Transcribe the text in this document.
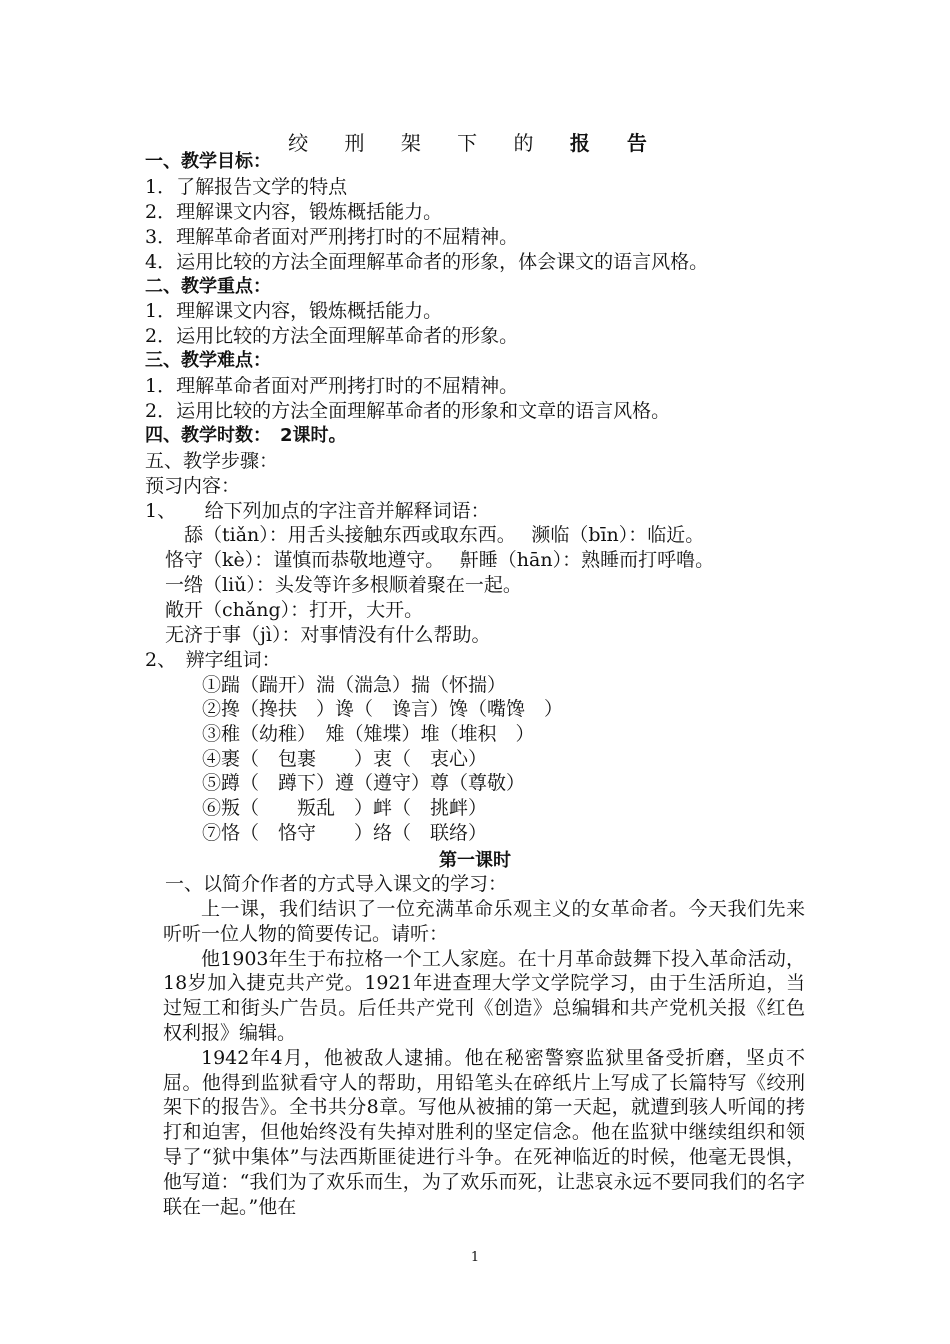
绞 刑 架 下 的 报 告
一、教学目标：
1．了解报告文学的特点
2．理解课文内容，锻炼概括能力。
3．理解革命者面对严刑拷打时的不屈精神。
4．运用比较的方法全面理解革命者的形象，体会课文的语言风格。
二、教学重点：
1．理解课文内容，锻炼概括能力。
2．运用比较的方法全面理解革命者的形象。
三、教学难点：
1．理解革命者面对严刑拷打时的不屈精神。
2．运用比较的方法全面理解革命者的形象和文章的语言风格。
四、教学时数：　2课时。
五、教学步骤：
预习内容：
1、　　给下列加点的字注音并解释词语：
　舔（tiǎn）：用舌头接触东西或取东西。　 濒临（bīn）：临近。
恪守（kè）：谨慎而恭敬地遵守。　 鼾睡（hān）：熟睡而打呼噜。
一绺（liǔ）：头发等许多根顺着聚在一起。
敞开（chǎng）：打开，大开。
无济于事（jì）：对事情没有什么帮助。
2、　辨字组词：
①踹（踹开）湍（湍急）揣（怀揣）
②搀（搀扶　）谗（　谗言）馋（嘴馋　）
③稚（幼稚）　雉（雉堞）堆（堆积　）
④裹（　包裹　　）衷（　衷心）
⑤蹲（　蹲下）遵（遵守）尊（尊敬）
⑥叛（　　叛乱　）衅（　挑衅）
⑦恪（　恪守　　）络（　联络）
第一课时
一、以简介作者的方式导入课文的学习：

上一课，我们结识了一位充满革命乐观主义的女革命者。今天我们先来听听一位人物的简要传记。请听：

他1903年生于布拉格一个工人家庭。在十月革命鼓舞下投入革命活动，18岁加入捷克共产党。1921年进查理大学文学院学习，由于生活所迫，当过短工和街头广告员。后任共产党刊《创造》总编辑和共产党机关报《红色权利报》编辑。

1942年4月，他被敌人逮捕。他在秘密警察监狱里备受折磨，坚贞不屈。他得到监狱看守人的帮助，用铅笔头在碎纸片上写成了长篇特写《绞刑架下的报告》。全书共分8章。写他从被捕的第一天起，就遭到骇人听闻的拷打和迫害，但他始终没有失掉对胜利的坚定信念。他在监狱中继续组织和领导了“狱中集体”与法西斯匪徒进行斗争。在死神临近的时候，他毫无畏惧，他写道：“我们为了欢乐而生，为了欢乐而死，让悲哀永远不要同我们的名字联在一起。”他在

1
